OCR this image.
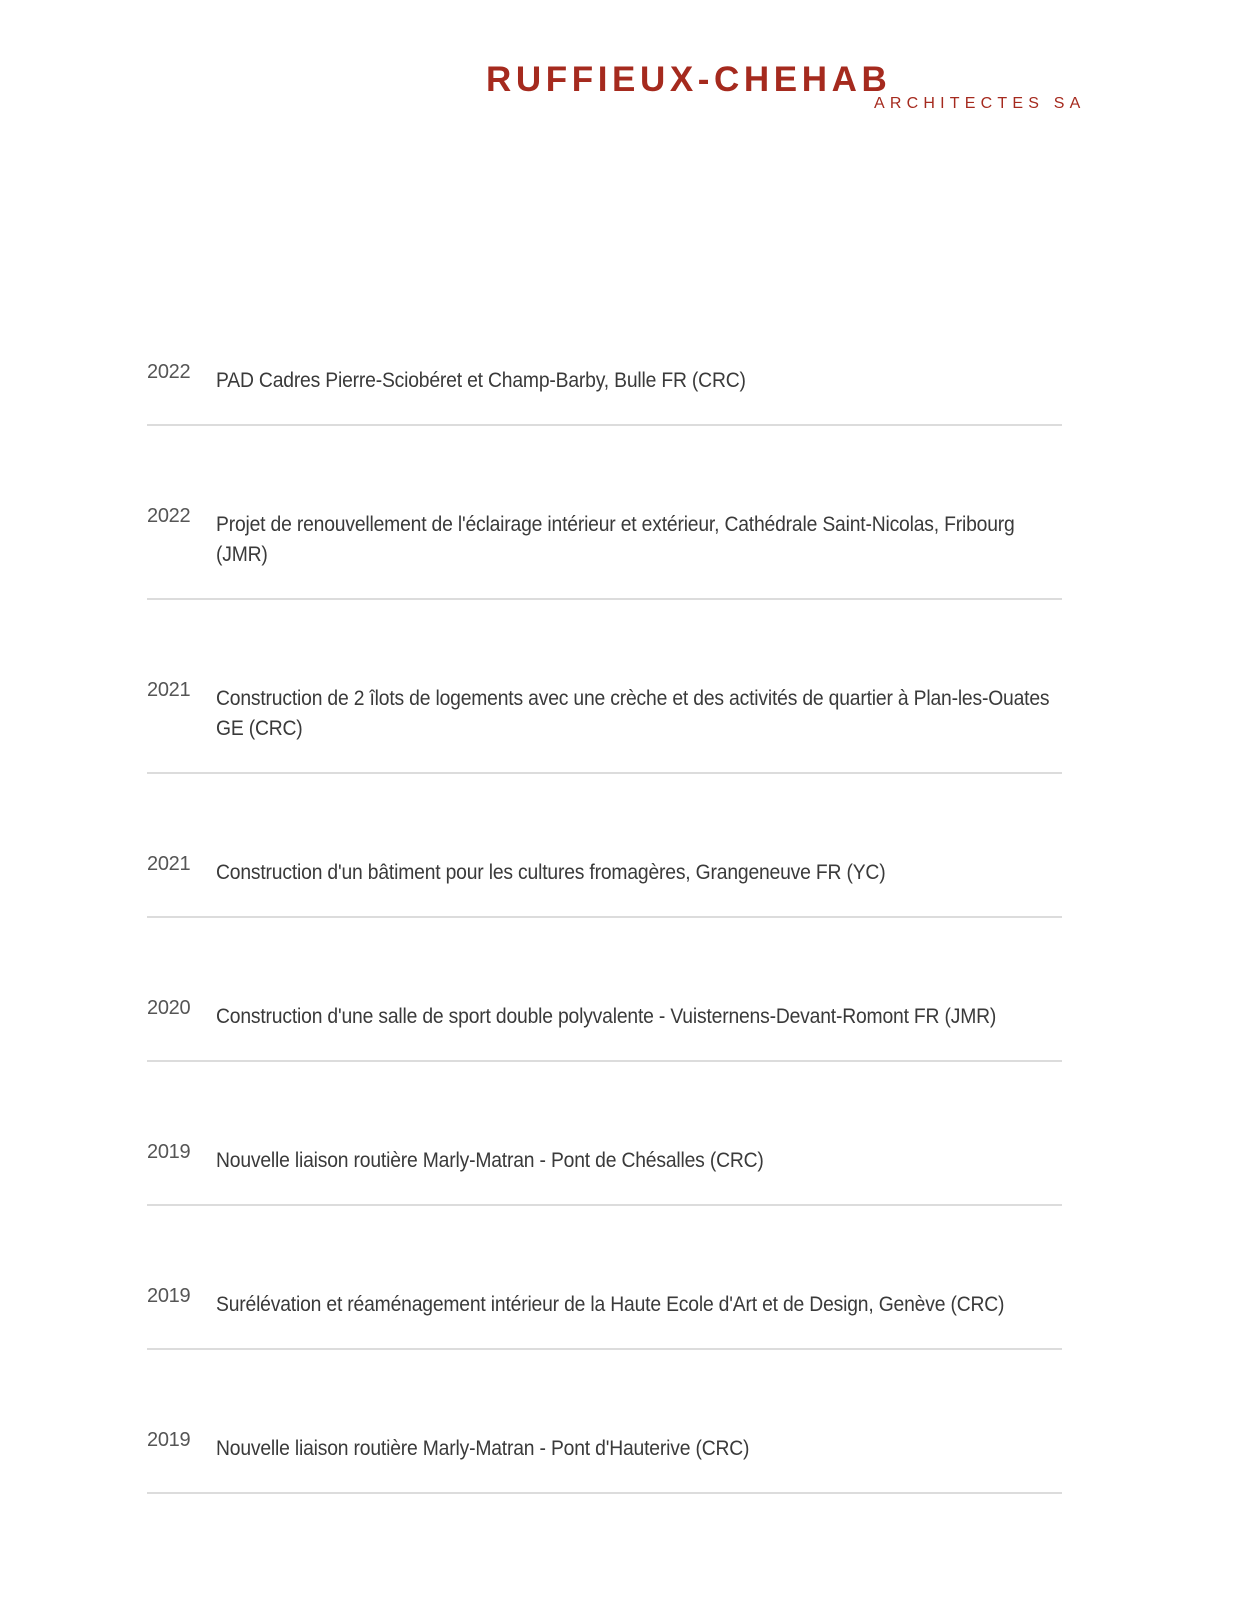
RUFFIEUX-CHEHAB
ARCHITECTES SA
2022	PAD Cadres Pierre-Sciobéret et Champ-Barby, Bulle FR (CRC)
2022	Projet de renouvellement de l'éclairage intérieur et extérieur, Cathédrale Saint-Nicolas, Fribourg (JMR)
2021	Construction de 2 îlots de logements avec une crèche et des activités de quartier à Plan-les-Ouates GE (CRC)
2021	Construction d'un bâtiment pour les cultures fromagères, Grangeneuve FR (YC)
2020	Construction d'une salle de sport double polyvalente - Vuisternens-Devant-Romont FR (JMR)
2019	Nouvelle liaison routière Marly-Matran - Pont de Chésalles (CRC)
2019	Surélévation et réaménagement intérieur de la Haute Ecole d'Art et de Design, Genève (CRC)
2019	Nouvelle liaison routière Marly-Matran - Pont d'Hauterive (CRC)
